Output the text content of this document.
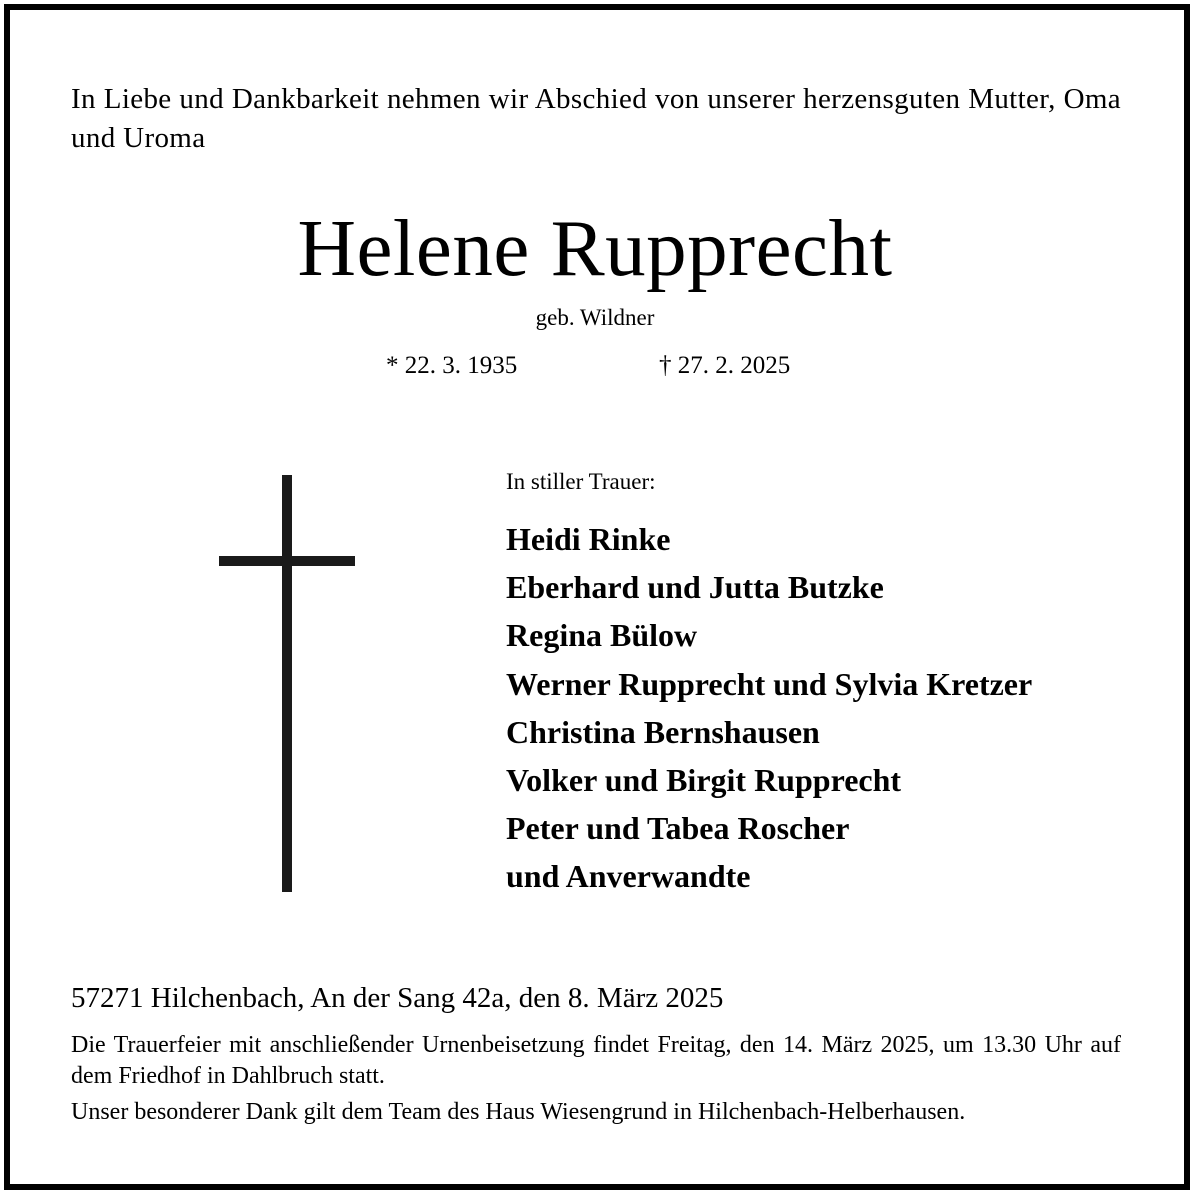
In Liebe und Dankbarkeit nehmen wir Abschied von unserer herzensguten Mutter, Oma und Uroma
Helene Rupprecht
geb. Wildner
* 22. 3. 1935	† 27. 2. 2025
In stiller Trauer:
Heidi Rinke
Eberhard und Jutta Butzke
Regina Bülow
Werner Rupprecht und Sylvia Kretzer
Christina Bernshausen
Volker und Birgit Rupprecht
Peter und Tabea Roscher
und Anverwandte
57271 Hilchenbach, An der Sang 42a, den 8. März 2025
Die Trauerfeier mit anschließender Urnenbeisetzung findet Freitag, den 14. März 2025, um 13.30 Uhr auf dem Friedhof in Dahlbruch statt.
Unser besonderer Dank gilt dem Team des Haus Wiesengrund in Hilchenbach-Helberhausen.
